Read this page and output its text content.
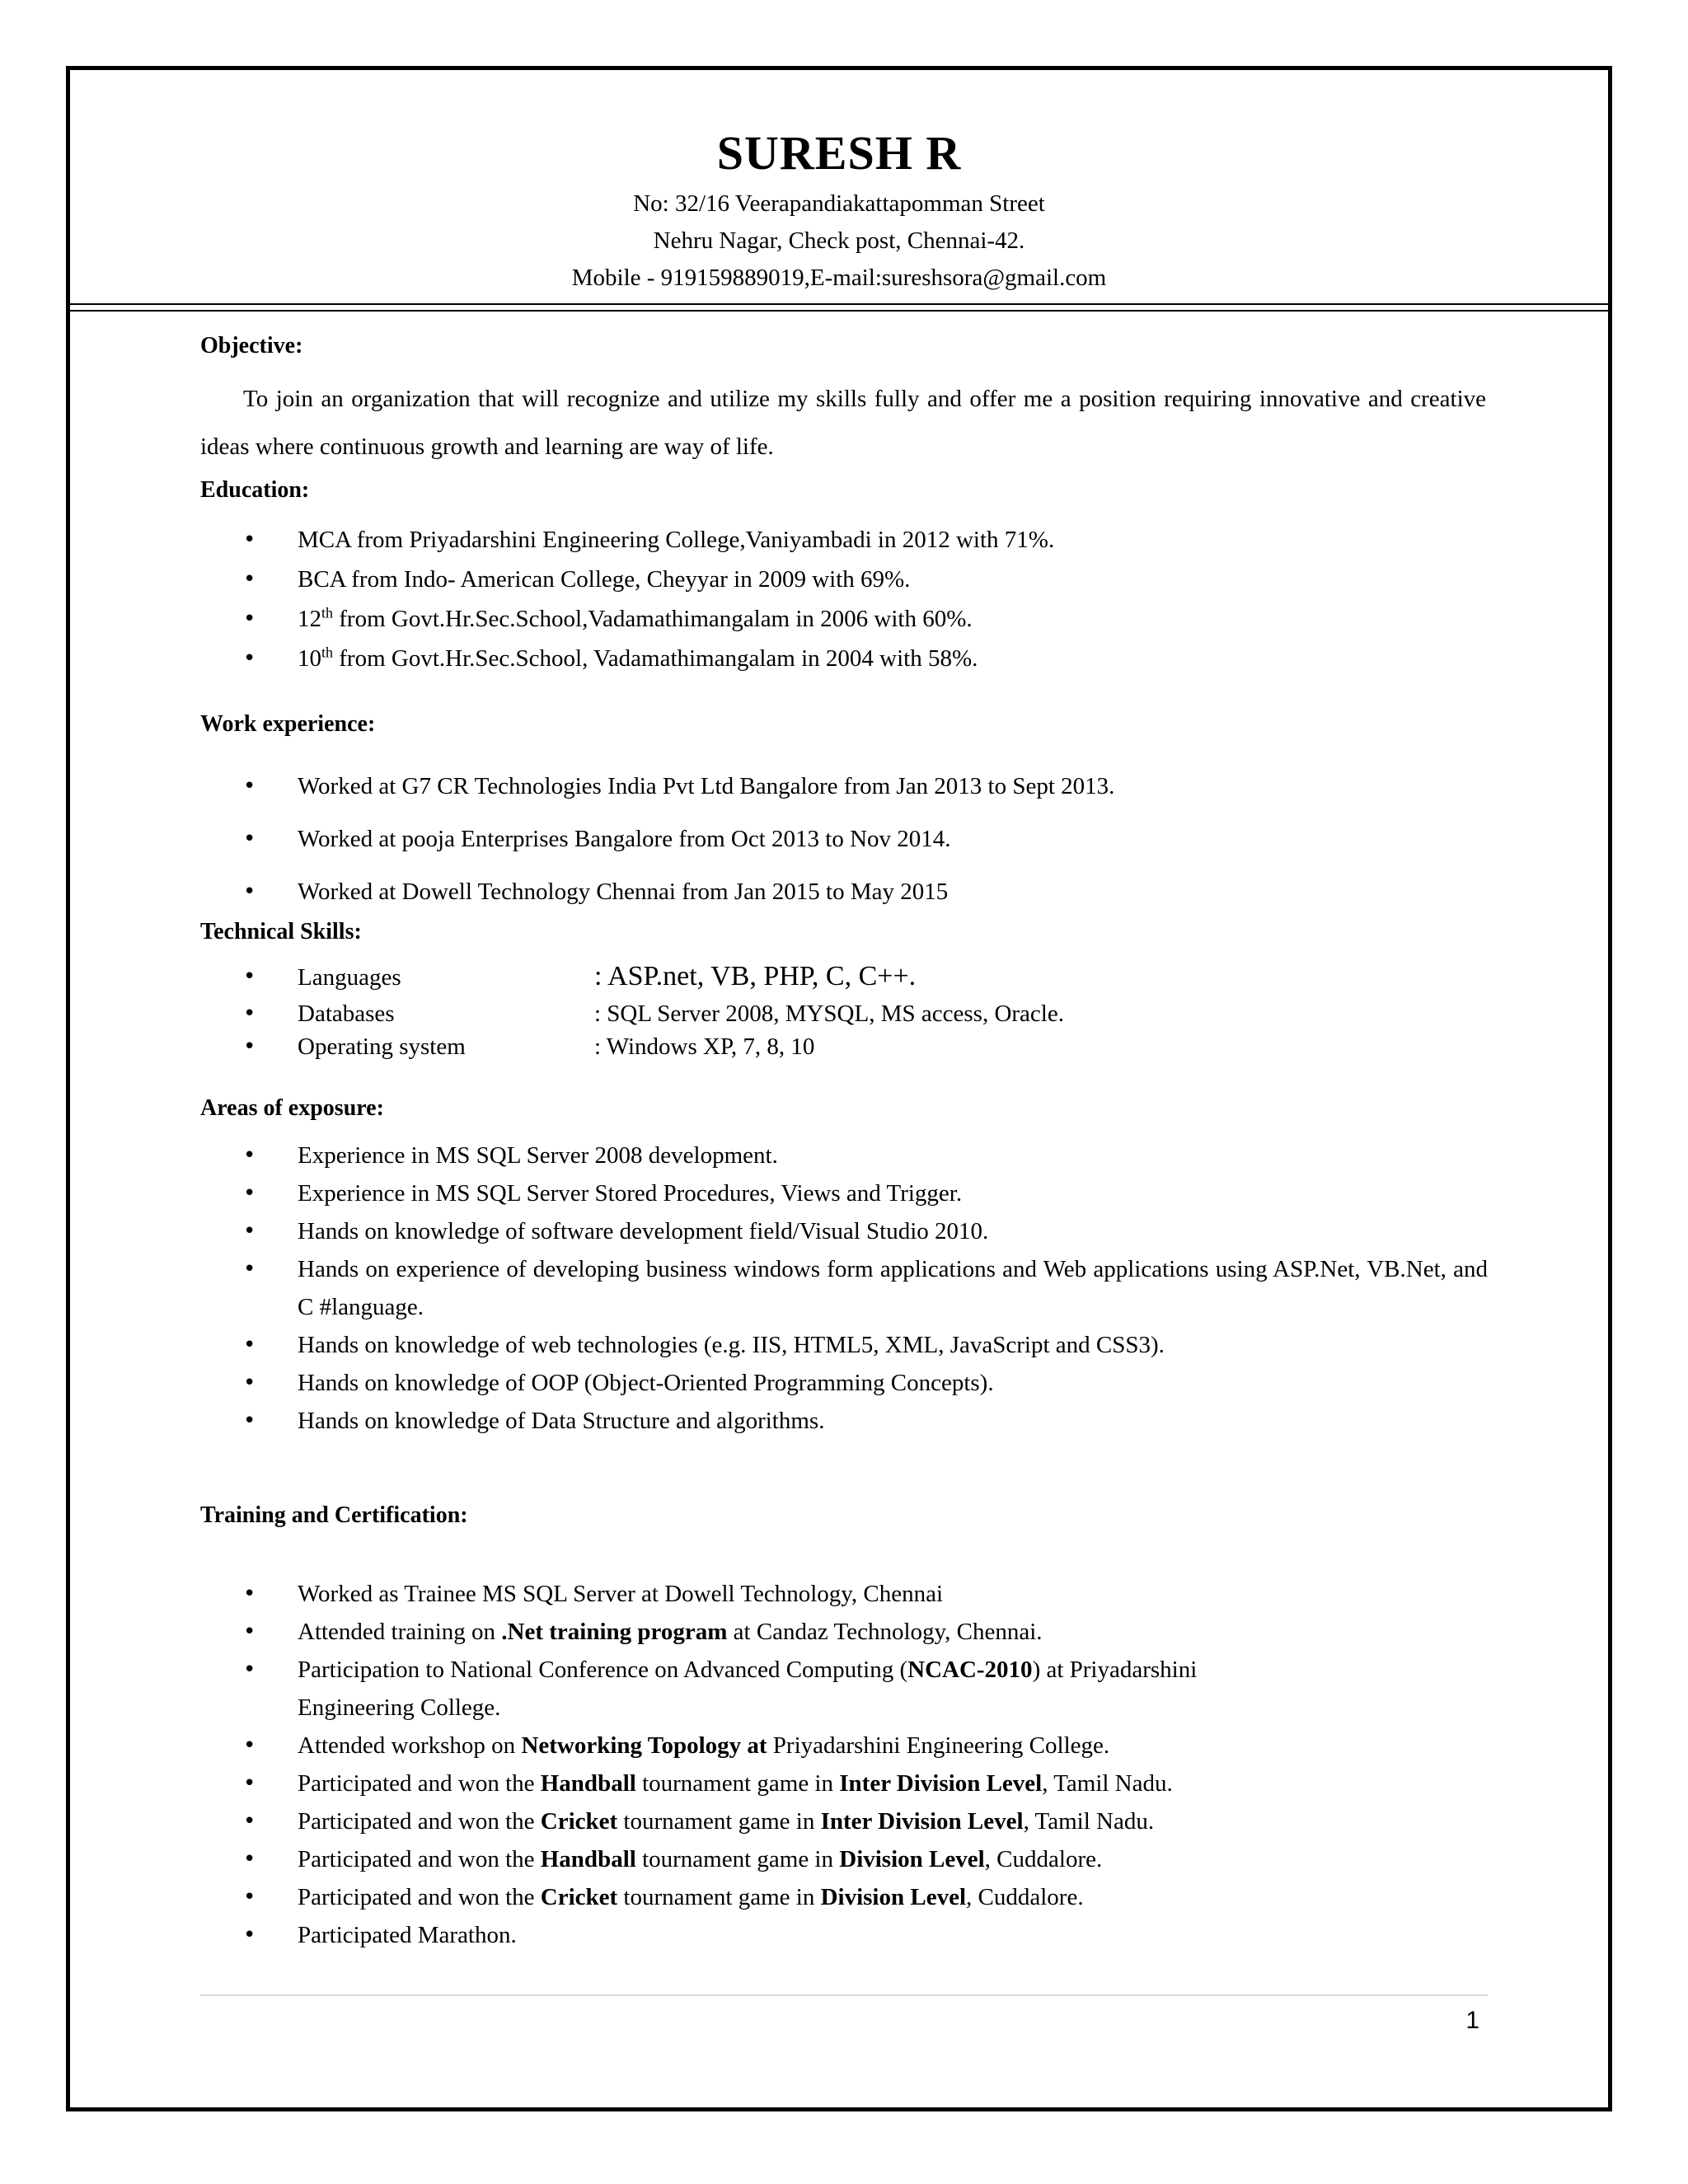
SURESH R
No: 32/16 Veerapandiakattapomman Street
Nehru Nagar, Check post, Chennai-42.
Mobile - 919159889019,E-mail:sureshsora@gmail.com
Objective:
To join an organization that will recognize and utilize my skills fully and offer me a position requiring innovative and creative ideas where continuous growth and learning are way of life.
Education:
• MCA from Priyadarshini Engineering College,Vaniyambadi in 2012 with 71%.
• BCA from Indo- American College, Cheyyar in 2009 with 69%.
• 12th from Govt.Hr.Sec.School,Vadamathimangalam in 2006 with 60%.
• 10th from Govt.Hr.Sec.School, Vadamathimangalam in 2004 with 58%.
Work experience:
• Worked at G7 CR Technologies India Pvt Ltd Bangalore from Jan 2013 to Sept 2013.
• Worked at pooja Enterprises Bangalore from Oct 2013 to Nov 2014.
• Worked at Dowell Technology Chennai from Jan 2015 to May 2015
Technical Skills:
• Languages	: ASP.net, VB, PHP, C, C++.
• Databases	: SQL Server 2008, MYSQL, MS access, Oracle.
• Operating system	: Windows XP, 7, 8, 10
Areas of exposure:
• Experience in MS SQL Server 2008 development.
• Experience in MS SQL Server Stored Procedures, Views and Trigger.
• Hands on knowledge of software development field/Visual Studio 2010.
• Hands on experience of developing business windows form applications and Web applications using ASP.Net, VB.Net, and C #language.
• Hands on knowledge of web technologies (e.g. IIS, HTML5, XML, JavaScript and CSS3).
• Hands on knowledge of OOP (Object-Oriented Programming Concepts).
• Hands on knowledge of Data Structure and algorithms.
Training and Certification:
• Worked as Trainee MS SQL Server at Dowell Technology, Chennai
• Attended training on .Net training program at Candaz Technology, Chennai.
• Participation to National Conference on Advanced Computing (NCAC-2010) at Priyadarshini Engineering College.
• Attended workshop on Networking Topology at Priyadarshini Engineering College.
• Participated and won the Handball tournament game in Inter Division Level, Tamil Nadu.
• Participated and won the Cricket tournament game in Inter Division Level, Tamil Nadu.
• Participated and won the Handball tournament game in Division Level, Cuddalore.
• Participated and won the Cricket tournament game in Division Level, Cuddalore.
• Participated Marathon.
1
